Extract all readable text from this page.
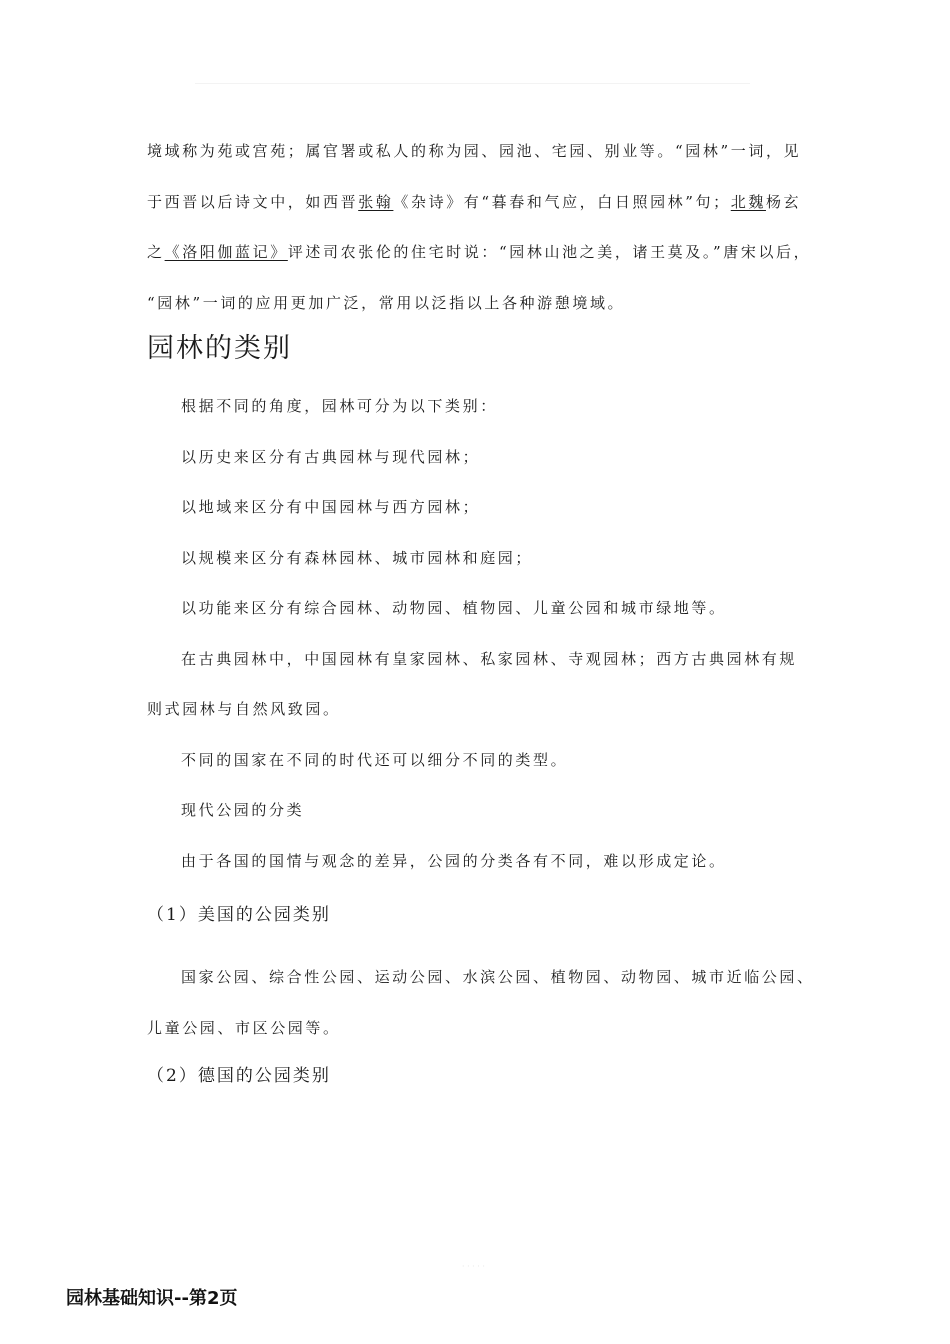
境域称为苑或宫苑；属官署或私人的称为园、园池、宅园、别业等。“园林”一词，见

于西晋以后诗文中，如西晋张翰《杂诗》有“暮春和气应，白日照园林”句；北魏杨玄

之《洛阳伽蓝记》评述司农张伦的住宅时说：“园林山池之美，诸王莫及。”唐宋以后，

“园林”一词的应用更加广泛，常用以泛指以上各种游憩境域。

园林的类别

根据不同的角度，园林可分为以下类别：

以历史来区分有古典园林与现代园林；

以地域来区分有中国园林与西方园林；

以规模来区分有森林园林、城市园林和庭园；

以功能来区分有综合园林、动物园、植物园、儿童公园和城市绿地等。

在古典园林中，中国园林有皇家园林、私家园林、寺观园林；西方古典园林有规

则式园林与自然风致园。

不同的国家在不同的时代还可以细分不同的类型。

现代公园的分类

由于各国的国情与观念的差异，公园的分类各有不同，难以形成定论。

（1）美国的公园类别

国家公园、综合性公园、运动公园、水滨公园、植物园、动物园、城市近临公园、

儿童公园、市区公园等。

（2）德国的公园类别

· · · · ·
园林基础知识--第2页
